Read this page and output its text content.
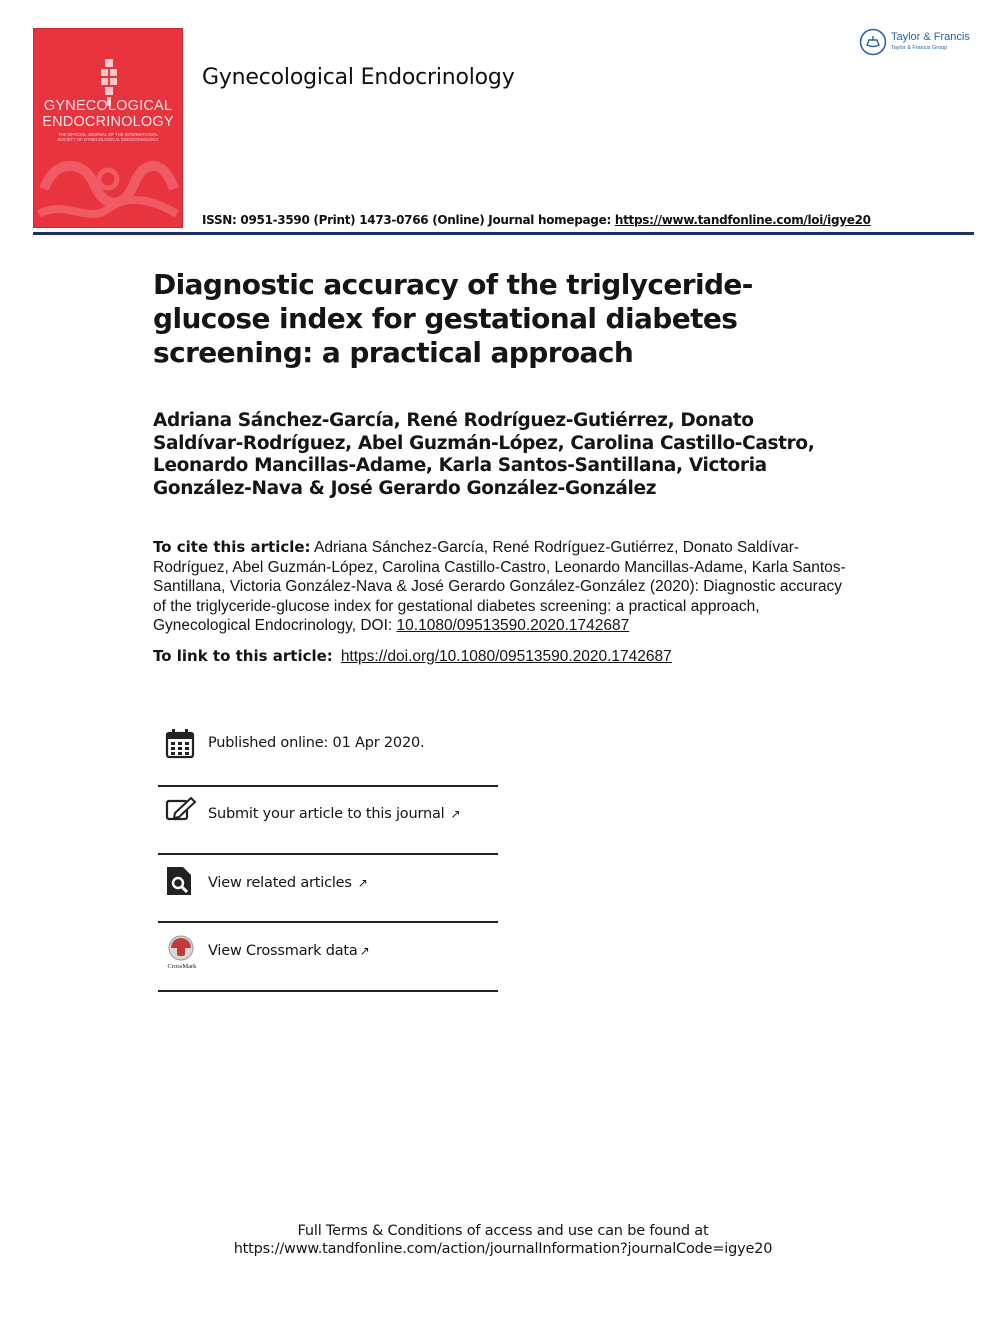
GYNECOLOGICAL
ENDOCRINOLOGY
THE OFFICIAL JOURNAL OF THE INTERNATIONAL SOCIETY OF GYNECOLOGICAL ENDOCRINOLOGY
Gynecological Endocrinology
Taylor & Francis
Taylor & Francis Group
ISSN: 0951-3590 (Print) 1473-0766 (Online) Journal homepage: https://www.tandfonline.com/loi/igye20
Diagnostic accuracy of the triglyceride-glucose index for gestational diabetes screening: a practical approach
Adriana Sánchez-García, René Rodríguez-Gutiérrez, Donato Saldívar-Rodríguez, Abel Guzmán-López, Carolina Castillo-Castro, Leonardo Mancillas-Adame, Karla Santos-Santillana, Victoria González-Nava & José Gerardo González-González
To cite this article: Adriana Sánchez-García, René Rodríguez-Gutiérrez, Donato Saldívar-Rodríguez, Abel Guzmán-López, Carolina Castillo-Castro, Leonardo Mancillas-Adame, Karla Santos-Santillana, Victoria González-Nava & José Gerardo González-González (2020): Diagnostic accuracy of the triglyceride-glucose index for gestational diabetes screening: a practical approach, Gynecological Endocrinology, DOI: 10.1080/09513590.2020.1742687
To link to this article: https://doi.org/10.1080/09513590.2020.1742687
Published online: 01 Apr 2020.
Submit your article to this journal ↗
View related articles ↗
CrossMark
View Crossmark data ↗
Full Terms & Conditions of access and use can be found at
https://www.tandfonline.com/action/journalInformation?journalCode=igye20
